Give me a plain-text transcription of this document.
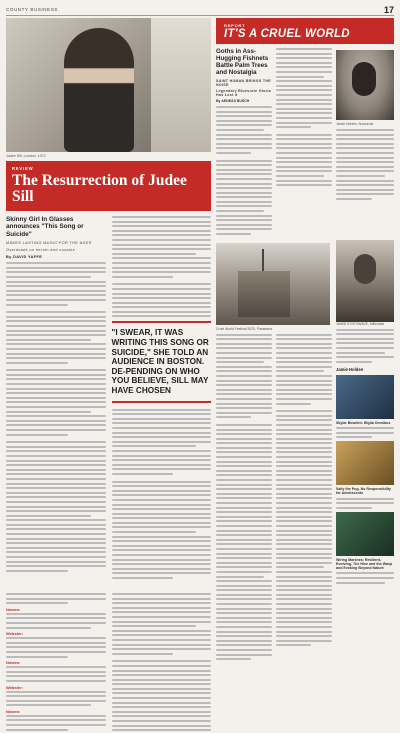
COUNTY BUSINESS	17
Judee Sill, London, 1972
REVIEW
The Resurrection of Judee Sill
Skinny Girl In Glasses announces "This Song or Suicide"
MAKES LASTING MUSIC FOR THE AGES
Overdoses on heroin and cocaine
By DAVID YAFFE
"I SWEAR, IT WAS WRITING THIS SONG OR SUICIDE," SHE TOLD AN AUDIENCE IN BOSTON. DE-PENDING ON WHO YOU BELIEVE, SILL MAY HAVE CHOSEN
Nowen:
Webster:
Nowen:
Webster:
Nowen:
REPORT
IT'S A CRUEL WORLD
Goths in Ass-Hugging Fishnets Battle Palm Trees and Nostalgia
SAINT HUMAN BRINGS THE NOISE
Legendary Bluesrote Gloria Has Lost It
By AENEAS BUSCH
Jamie Holden, Nocturnal
Cruel World Festival 2023, Pasadena
JAIME SYNTHWAVE, Millennial
Jamie Holden
Skylar Bowden: Biglia Omnibus
Sally the Pug, No Responsibility for Adolescents
Wiring Marshes: Resilient, Evolving, The Hive and the Wasp and Evoking Beyond Nature
